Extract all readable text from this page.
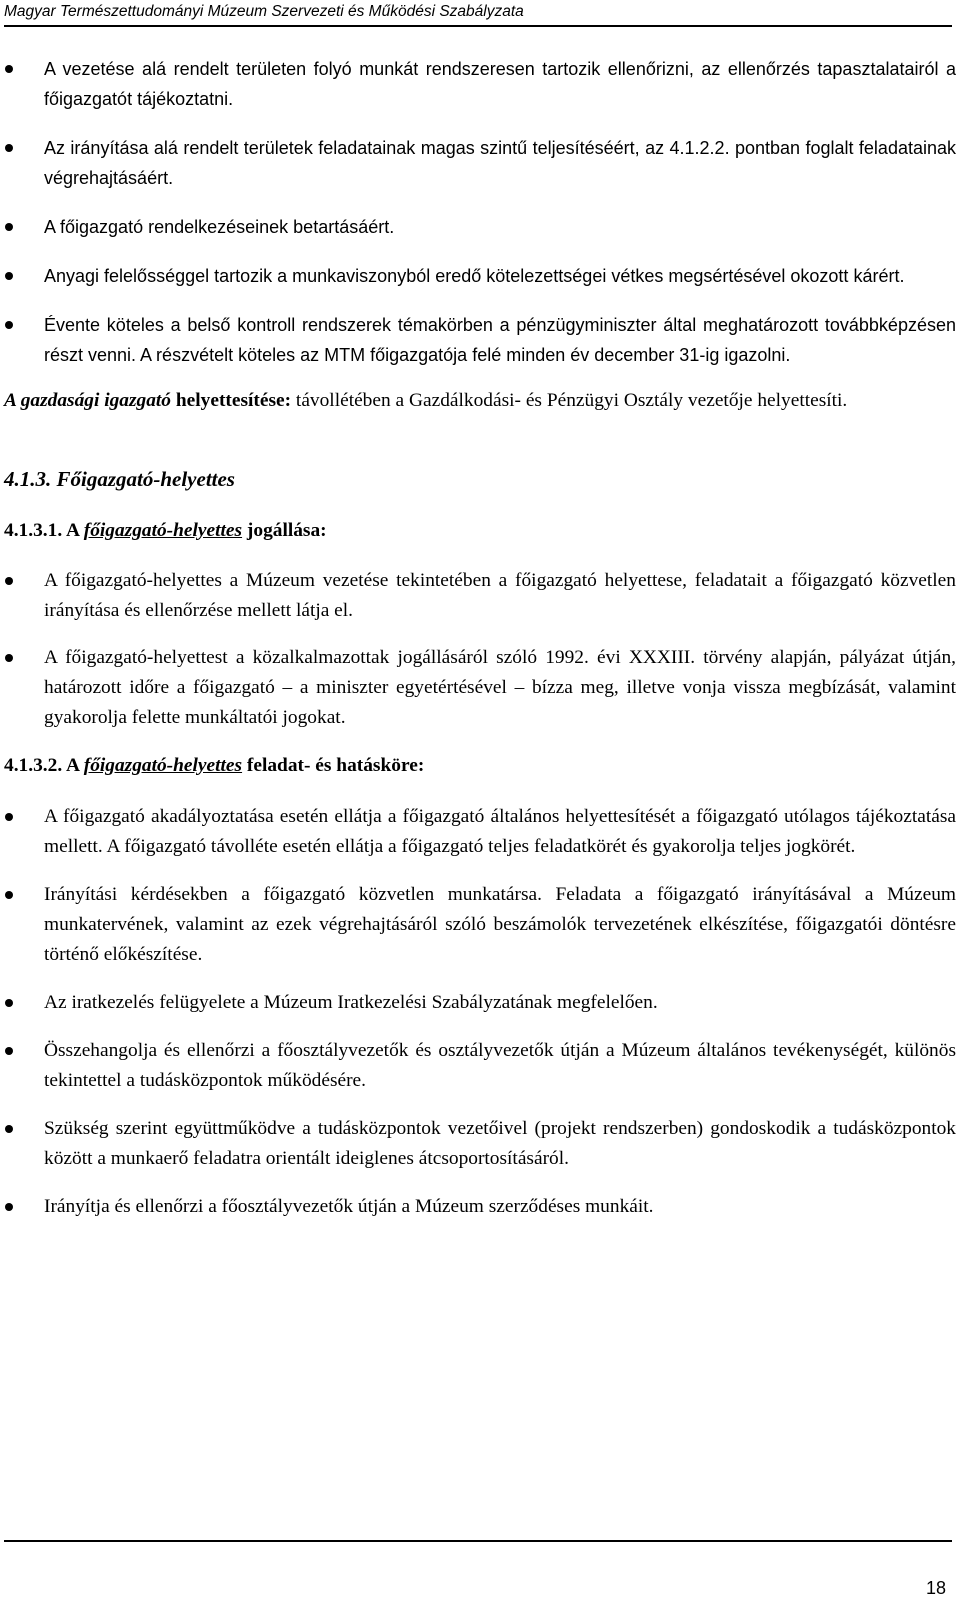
Magyar Természettudományi Múzeum Szervezeti és Működési Szabályzata
A vezetése alá rendelt területen folyó munkát rendszeresen tartozik ellenőrizni, az ellenőrzés tapasztalatairól a főigazgatót tájékoztatni.
Az irányítása alá rendelt területek feladatainak magas szintű teljesítéséért, az 4.1.2.2. pontban foglalt feladatainak végrehajtásáért.
A főigazgató rendelkezéseinek betartásáért.
Anyagi felelősséggel tartozik a munkaviszonyból eredő kötelezettségei vétkes megsértésével okozott kárért.
Évente köteles a belső kontroll rendszerek témakörben a pénzügyminiszter által meghatározott továbbképzésen részt venni. A részvételt köteles az MTM főigazgatója felé minden év december 31-ig igazolni.

A gazdasági igazgató helyettesítése: távollétében a Gazdálkodási- és Pénzügyi Osztály vezetője helyettesíti.

4.1.3. Főigazgató-helyettes
4.1.3.1. A főigazgató-helyettes jogállása:
A főigazgató-helyettes a Múzeum vezetése tekintetében a főigazgató helyettese, feladatait a főigazgató közvetlen irányítása és ellenőrzése mellett látja el.
A főigazgató-helyettest a közalkalmazottak jogállásáról szóló 1992. évi XXXIII. törvény alapján, pályázat útján, határozott időre a főigazgató – a miniszter egyetértésével – bízza meg, illetve vonja vissza megbízását, valamint gyakorolja felette munkáltatói jogokat.
4.1.3.2. A főigazgató-helyettes feladat- és hatásköre:
A főigazgató akadályoztatása esetén ellátja a főigazgató általános helyettesítését a főigazgató utólagos tájékoztatása mellett. A főigazgató távolléte esetén ellátja a főigazgató teljes feladatkörét és gyakorolja teljes jogkörét.
Irányítási kérdésekben a főigazgató közvetlen munkatársa. Feladata a főigazgató irányításával a Múzeum munkatervének, valamint az ezek végrehajtásáról szóló beszámolók tervezetének elkészítése, főigazgatói döntésre történő előkészítése.
Az iratkezelés felügyelete a Múzeum Iratkezelési Szabályzatának megfelelően.
Összehangolja és ellenőrzi a főosztályvezetők és osztályvezetők útján a Múzeum általános tevékenységét, különös tekintettel a tudásközpontok működésére.
Szükség szerint együttműködve a tudásközpontok vezetőivel (projekt rendszerben) gondoskodik a tudásközpontok között a munkaerő feladatra orientált ideiglenes átcsoportosításáról.
Irányítja és ellenőrzi a főosztályvezetők útján a Múzeum szerződéses munkáit.
18
